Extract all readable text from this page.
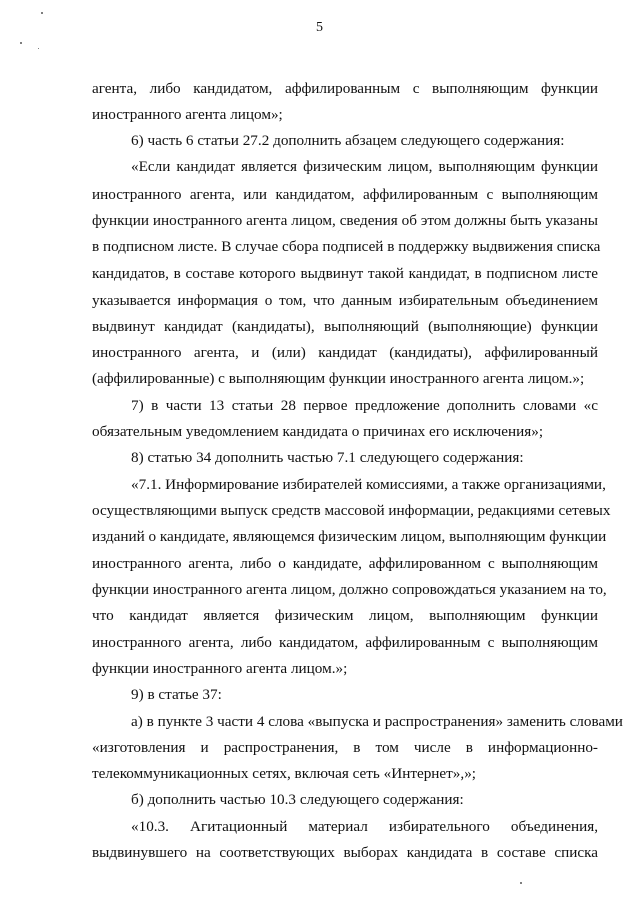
5
агента, либо кандидатом, аффилированным с выполняющим функции
иностранного агента лицом»;
6) часть 6 статьи 27.2 дополнить абзацем следующего содержания:
«Если кандидат является физическим лицом, выполняющим функции
иностранного агента, или кандидатом, аффилированным с выполняющим
функции иностранного агента лицом, сведения об этом должны быть указаны
в подписном листе. В случае сбора подписей в поддержку выдвижения списка
кандидатов, в составе которого выдвинут такой кандидат, в подписном листе
указывается информация о том, что данным избирательным объединением
выдвинут кандидат (кандидаты), выполняющий (выполняющие) функции
иностранного агента, и (или) кандидат (кандидаты), аффилированный
(аффилированные) с выполняющим функции иностранного агента лицом.»;
7) в части 13 статьи 28 первое предложение дополнить словами «с
обязательным уведомлением кандидата о причинах его исключения»;
8) статью 34 дополнить частью 7.1 следующего содержания:
«7.1. Информирование избирателей комиссиями, а также организациями,
осуществляющими выпуск средств массовой информации, редакциями сетевых
изданий о кандидате, являющемся физическим лицом, выполняющим функции
иностранного агента, либо о кандидате, аффилированном с выполняющим
функции иностранного агента лицом, должно сопровождаться указанием на то,
что кандидат является физическим лицом, выполняющим функции
иностранного агента, либо кандидатом, аффилированным с выполняющим
функции иностранного агента лицом.»;
9) в статье 37:
а) в пункте 3 части 4 слова «выпуска и распространения» заменить словами
«изготовления и распространения, в том числе в информационно-
телекоммуникационных сетях, включая сеть «Интернет»,»;
б) дополнить частью 10.3 следующего содержания:
«10.3. Агитационный материал избирательного объединения,
выдвинувшего на соответствующих выборах кандидата в составе списка
